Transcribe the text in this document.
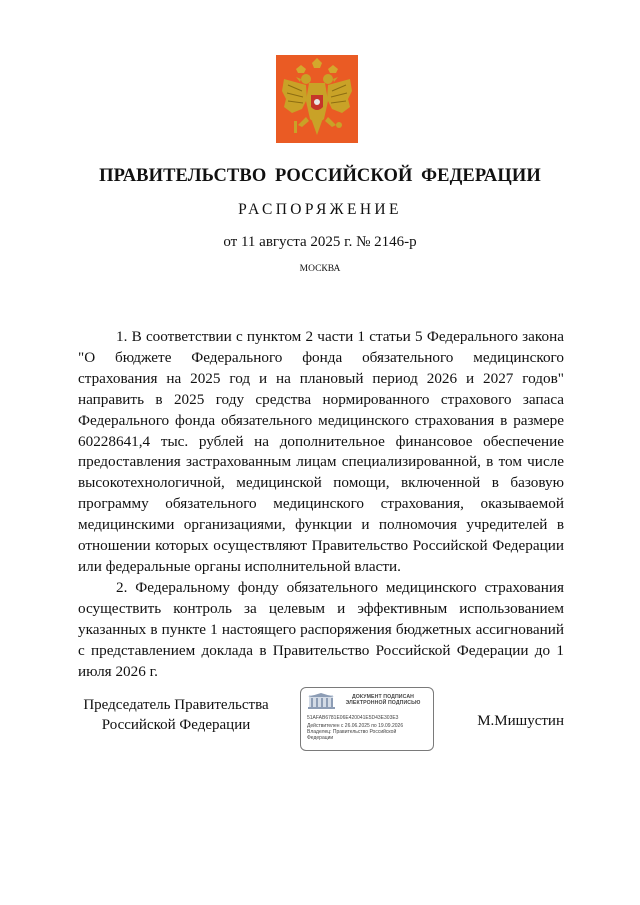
ПРАВИТЕЛЬСТВО РОССИЙСКОЙ ФЕДЕРАЦИИ
РАСПОРЯЖЕНИЕ
от 11 августа 2025 г. № 2146-р
МОСКВА

1. В соответствии с пунктом 2 части 1 статьи 5 Федерального закона "О бюджете Федерального фонда обязательного медицинского страхования на 2025 год и на плановый период 2026 и 2027 годов" направить в 2025 году средства нормированного страхового запаса Федерального фонда обязательного медицинского страхования в размере 60228641,4 тыс. рублей на дополнительное финансовое обеспечение предоставления застрахованным лицам специализированной, в том числе высокотехнологичной, медицинской помощи, включенной в базовую программу обязательного медицинского страхования, оказываемой медицинскими организациями, функции и полномочия учредителей в отношении которых осуществляют Правительство Российской Федерации или федеральные органы исполнительной власти.

2. Федеральному фонду обязательного медицинского страхования осуществить контроль за целевым и эффективным использованием указанных в пункте 1 настоящего распоряжения бюджетных ассигнований с представлением доклада в Правительство Российской Федерации до 1 июля 2026 г.

Председатель Правительства
Российской Федерации
ДОКУМЕНТ ПОДПИСАН
ЭЛЕКТРОННОЙ ПОДПИСЬЮ
51AFAB6781E06E420041E5D43E303E3
Действителен с 26.06.2025 по 19.09.2026
Владелец: Правительство Российской
Федерации
М.Мишустин
